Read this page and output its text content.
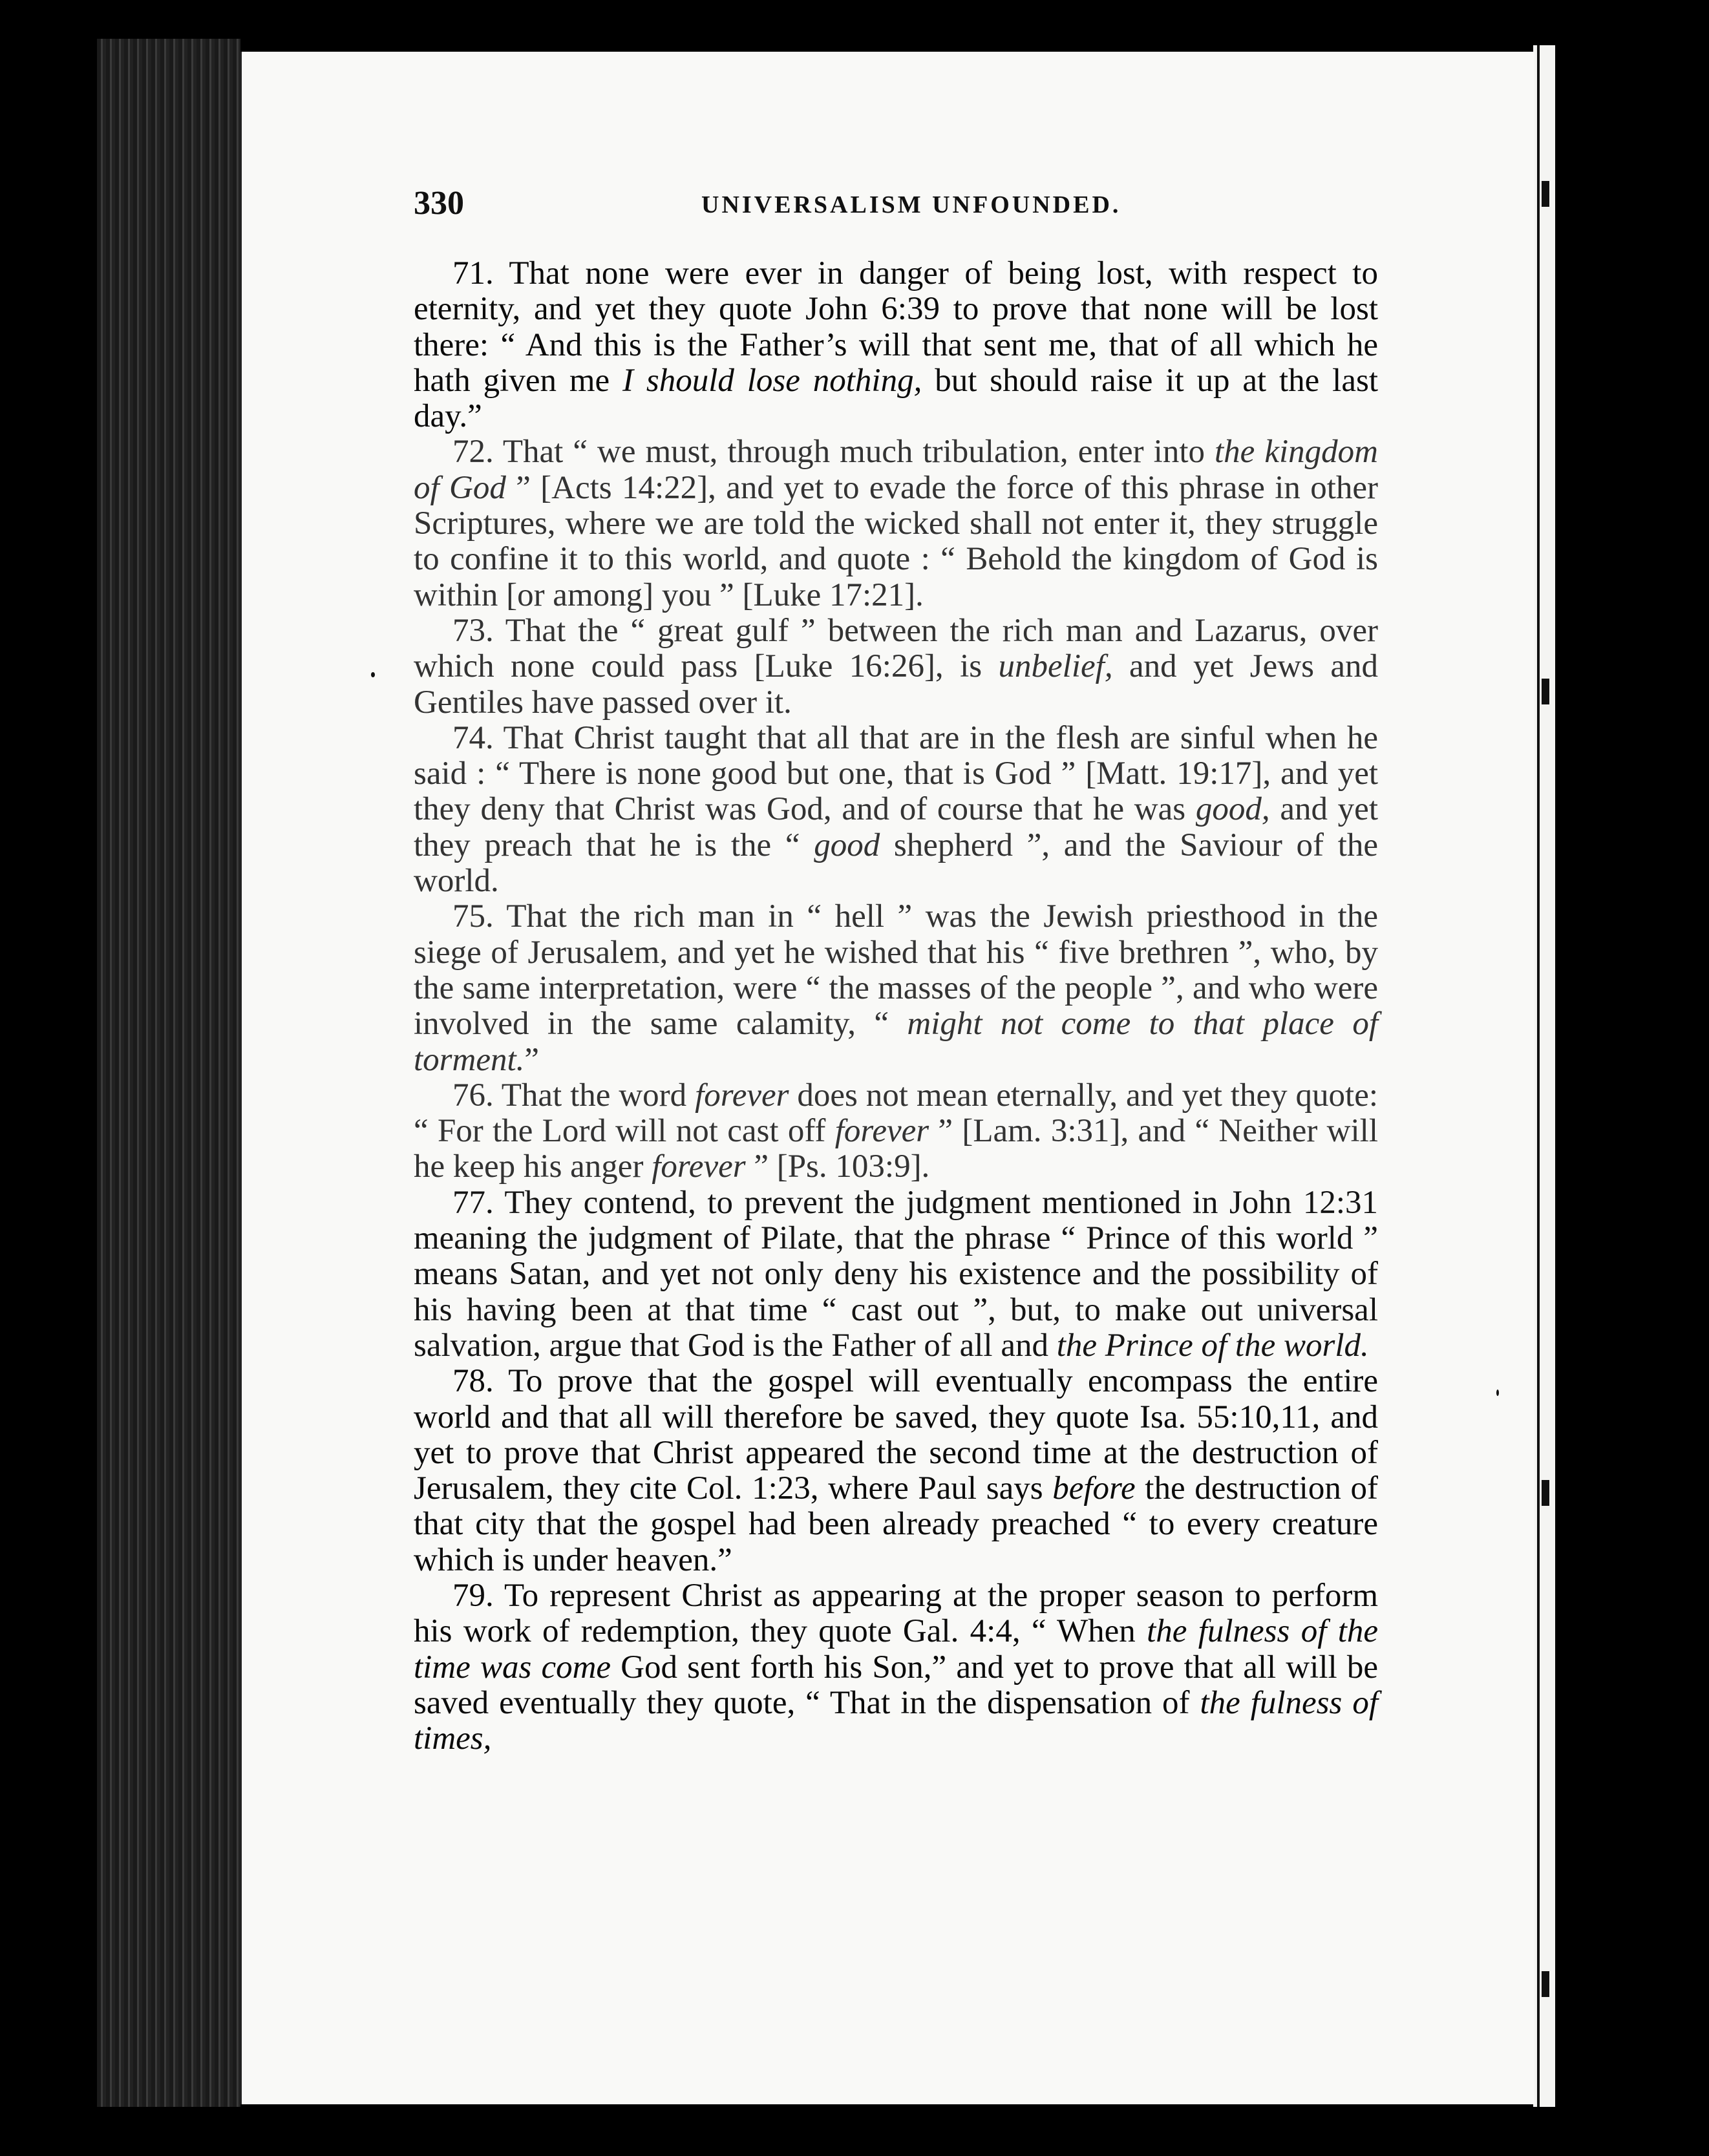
330	UNIVERSALISM UNFOUNDED.

71. That none were ever in danger of being lost, with respect to eternity, and yet they quote John 6:39 to prove that none will be lost there: “ And this is the Father’s will that sent me, that of all which he hath given me I should lose nothing, but should raise it up at the last day.”

72. That “ we must, through much tribulation, enter into the kingdom of God ” [Acts 14:22], and yet to evade the force of this phrase in other Scriptures, where we are told the wicked shall not enter it, they struggle to confine it to this world, and quote : “ Behold the kingdom of God is within [or among] you ” [Luke 17:21].

73. That the “ great gulf ” between the rich man and Lazarus, over which none could pass [Luke 16:26], is unbelief, and yet Jews and Gentiles have passed over it.

74. That Christ taught that all that are in the flesh are sinful when he said : “ There is none good but one, that is God ” [Matt. 19:17], and yet they deny that Christ was God, and of course that he was good, and yet they preach that he is the “ good shepherd ”, and the Saviour of the world.

75. That the rich man in “ hell ” was the Jewish priesthood in the siege of Jerusalem, and yet he wished that his “ five brethren ”, who, by the same interpretation, were “ the masses of the people ”, and who were involved in the same calamity, “ might not come to that place of torment.”

76. That the word forever does not mean eternally, and yet they quote: “ For the Lord will not cast off forever ” [Lam. 3:31], and “ Neither will he keep his anger forever ” [Ps. 103:9].

77. They contend, to prevent the judgment mentioned in John 12:31 meaning the judgment of Pilate, that the phrase “ Prince of this world ” means Satan, and yet not only deny his existence and the possibility of his having been at that time “ cast out ”, but, to make out universal salvation, argue that God is the Father of all and the Prince of the world.

78. To prove that the gospel will eventually encompass the entire world and that all will therefore be saved, they quote Isa. 55:10,11, and yet to prove that Christ appeared the second time at the destruction of Jerusalem, they cite Col. 1:23, where Paul says before the destruction of that city that the gospel had been already preached “ to every creature which is under heaven.”

79. To represent Christ as appearing at the proper season to perform his work of redemption, they quote Gal. 4:4, “ When the fulness of the time was come God sent forth his Son,” and yet to prove that all will be saved eventually they quote, “ That in the dispensation of the fulness of times,
